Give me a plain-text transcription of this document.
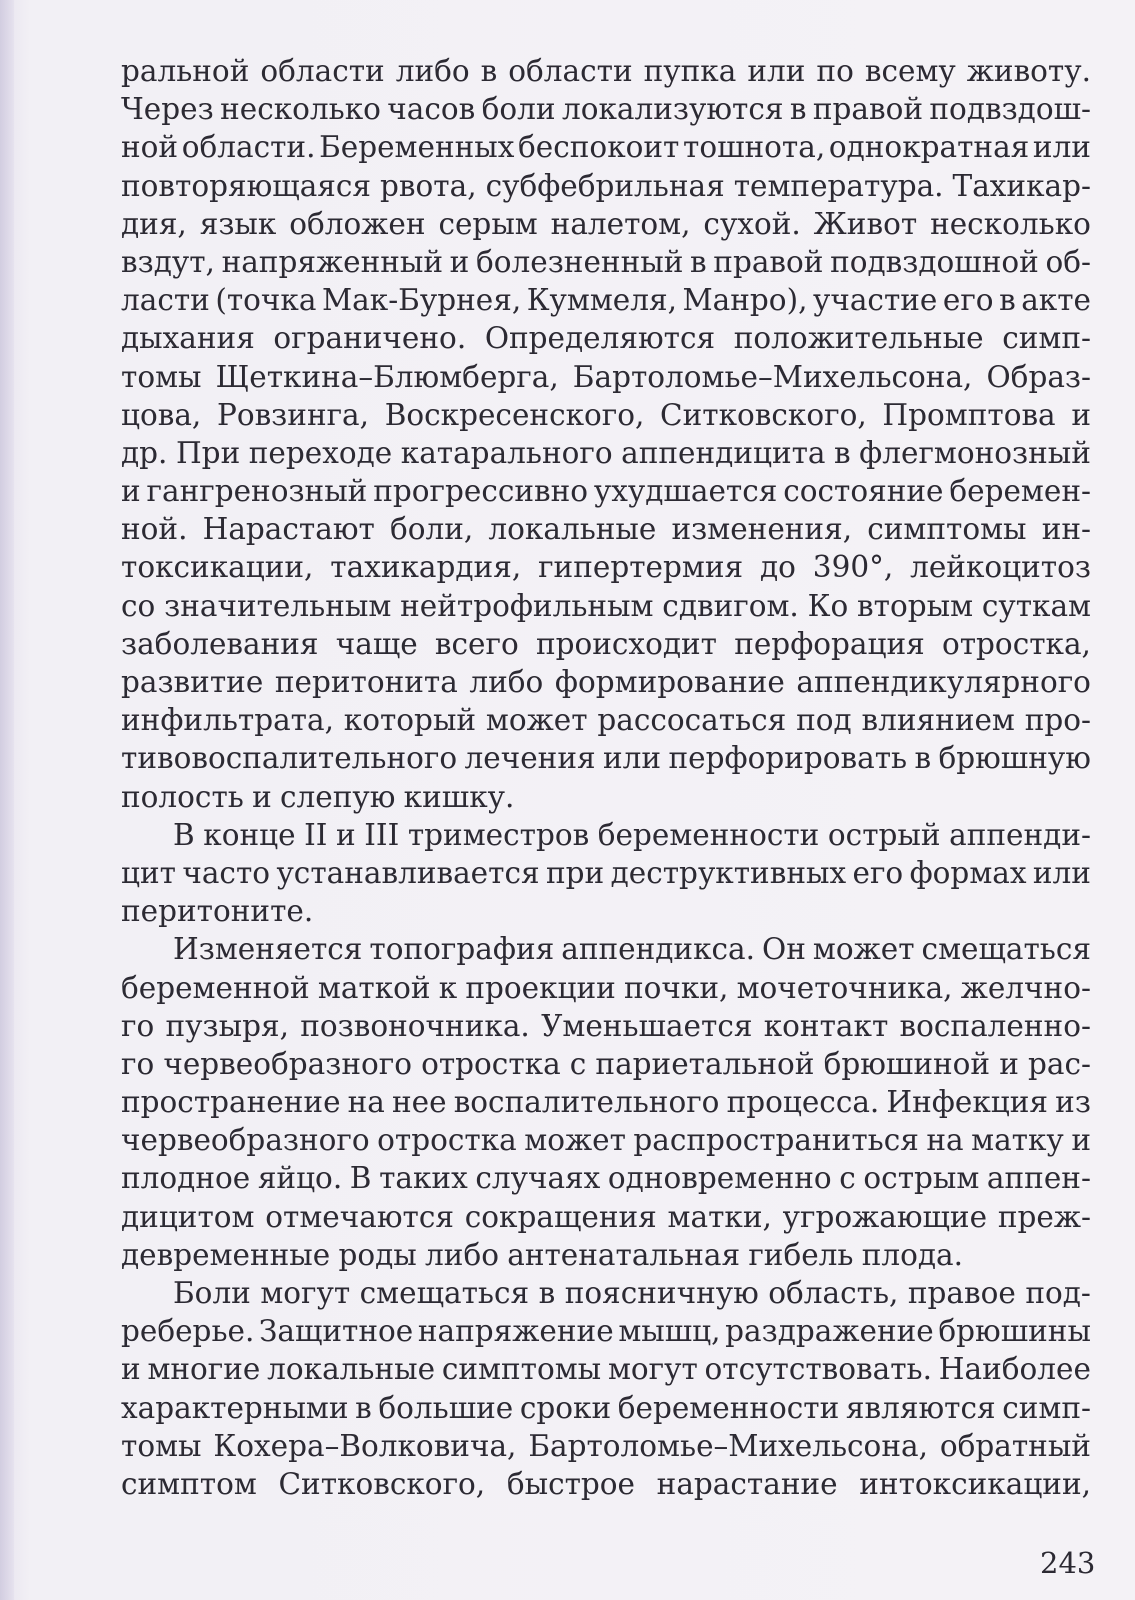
ральной области либо в области пупка или по всему животу.
Через несколько часов боли локализуются в правой подвздош-
ной области. Беременных беспокоит тошнота, однократная или
повторяющаяся рвота, субфебрильная температура. Тахикар-
дия, язык обложен серым налетом, сухой. Живот несколько
вздут, напряженный и болезненный в правой подвздошной об-
ласти (точка Мак-Бурнея, Куммеля, Манро), участие его в акте
дыхания ограничено. Определяются положительные симп-
томы Щеткина–Блюмберга, Бартоломье–Михельсона, Образ-
цова, Ровзинга, Воскресенского, Ситковского, Промптова и
др. При переходе катарального аппендицита в флегмонозный
и гангренозный прогрессивно ухудшается состояние беремен-
ной. Нарастают боли, локальные изменения, симптомы ин-
токсикации, тахикардия, гипертермия до 390°, лейкоцитоз
со значительным нейтрофильным сдвигом. Ко вторым суткам
заболевания чаще всего происходит перфорация отростка,
развитие перитонита либо формирование аппендикулярного
инфильтрата, который может рассосаться под влиянием про-
тивовоспалительного лечения или перфорировать в брюшную
полость и слепую кишку.
В конце II и III триместров беременности острый аппенди-
цит часто устанавливается при деструктивных его формах или
перитоните.
Изменяется топография аппендикса. Он может смещаться
беременной маткой к проекции почки, мочеточника, желчно-
го пузыря, позвоночника. Уменьшается контакт воспаленно-
го червеобразного отростка с париетальной брюшиной и рас-
пространение на нее воспалительного процесса. Инфекция из
червеобразного отростка может распространиться на матку и
плодное яйцо. В таких случаях одновременно с острым аппен-
дицитом отмечаются сокращения матки, угрожающие преж-
девременные роды либо антенатальная гибель плода.
Боли могут смещаться в поясничную область, правое под-
реберье. Защитное напряжение мышц, раздражение брюшины
и многие локальные симптомы могут отсутствовать. Наиболее
характерными в большие сроки беременности являются симп-
томы Кохера–Волковича, Бартоломье–Михельсона, обратный
симптом Ситковского, быстрое нарастание интоксикации,
243
